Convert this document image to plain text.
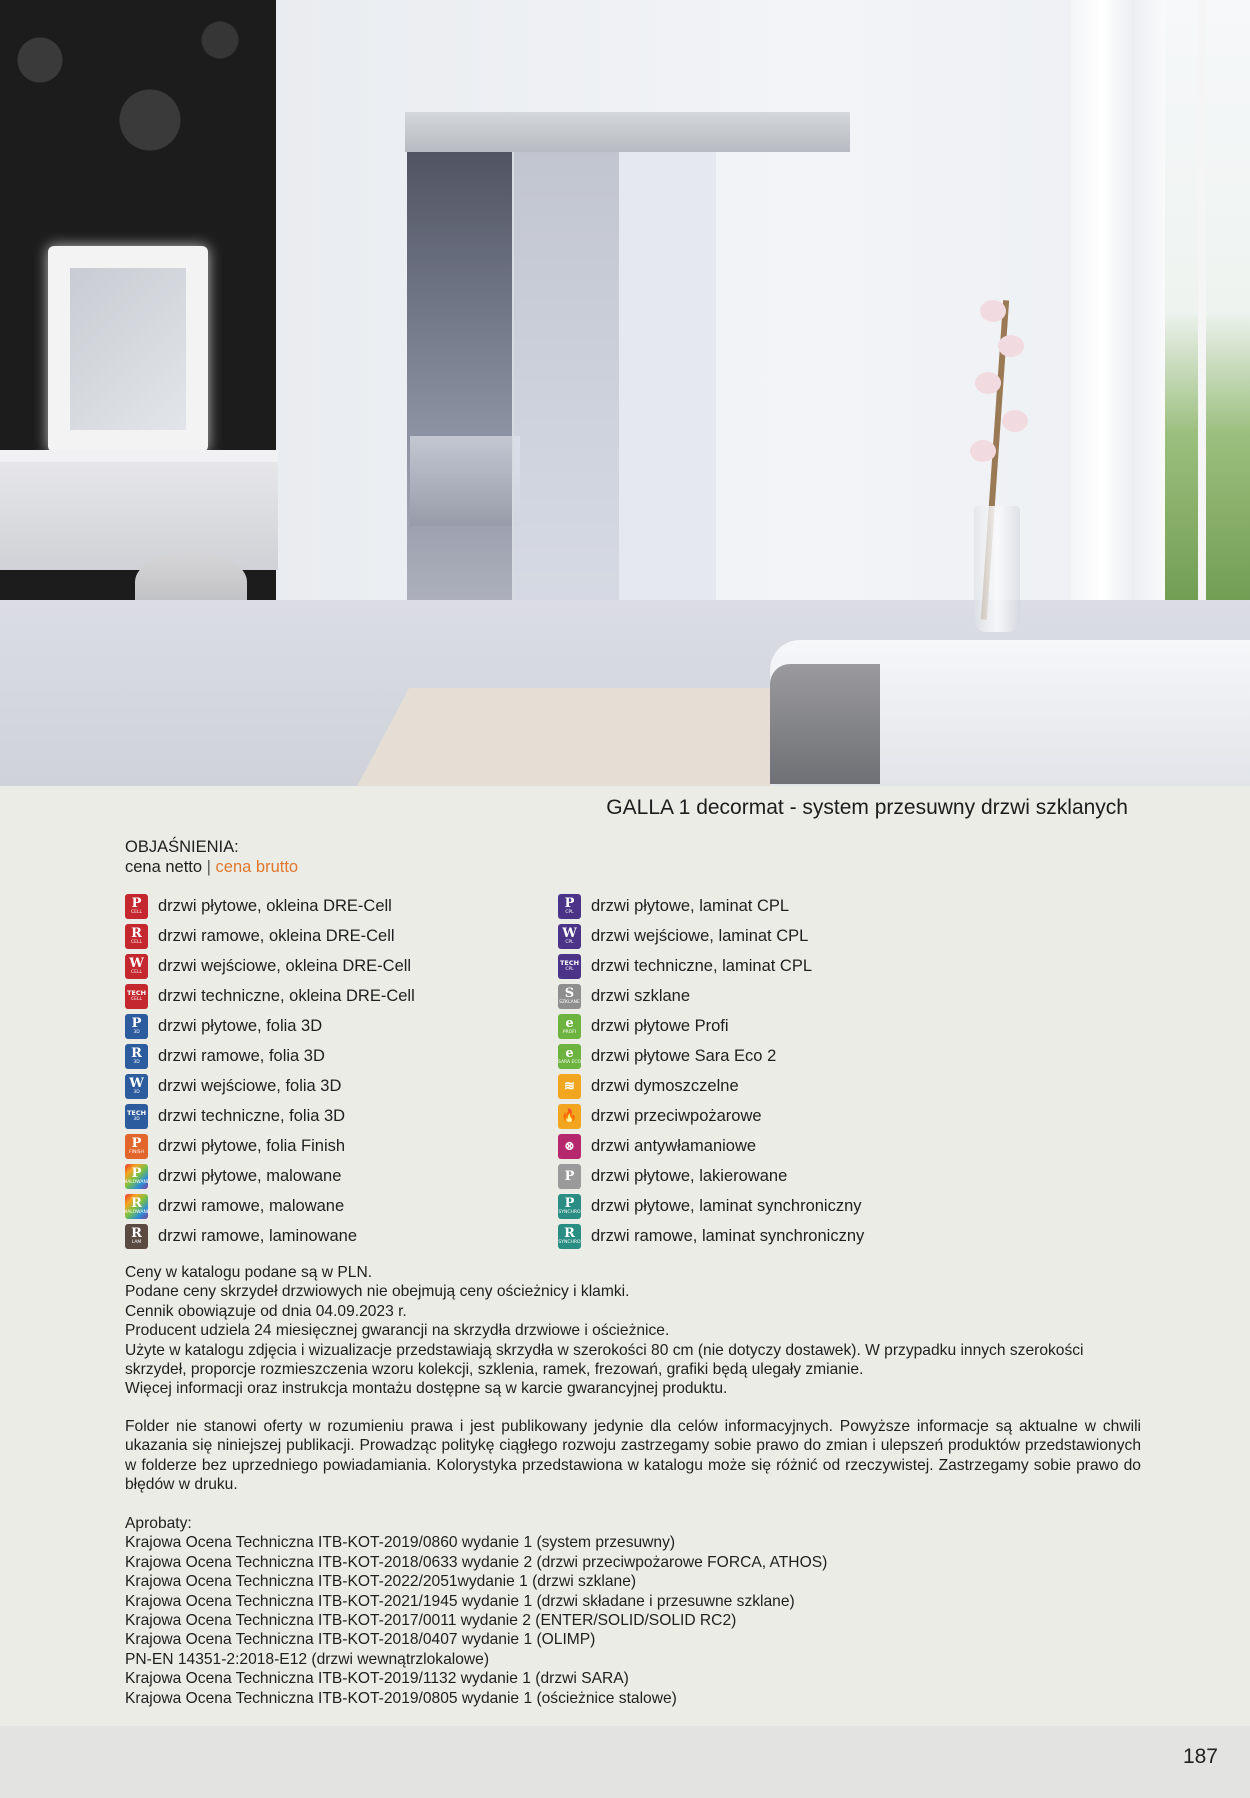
GALLA 1 decormat - system przesuwny drzwi szklanych
OBJAŚNIENIA:
cena netto | cena brutto
P
CELL drzwi płytowe, okleina DRE-Cell
R
CELL drzwi ramowe, okleina DRE-Cell
W
CELL drzwi wejściowe, okleina DRE-Cell
TECH
CELL drzwi techniczne, okleina DRE-Cell
P
3D drzwi płytowe, folia 3D
R
3D drzwi ramowe, folia 3D
W
3D drzwi wejściowe, folia 3D
TECH
3D drzwi techniczne, folia 3D
P
FINISH drzwi płytowe, folia Finish
P
MALOWANE drzwi płytowe, malowane
R
MALOWANE drzwi ramowe, malowane
R
LAM drzwi ramowe, laminowane
P
CPL drzwi płytowe, laminat CPL
W
CPL drzwi wejściowe, laminat CPL
TECH
CPL drzwi techniczne, laminat CPL
S
SZKLANE drzwi szklane
e
PROFI drzwi płytowe Profi
e
SARA ECO drzwi płytowe Sara Eco 2
≋ drzwi dymoszczelne
🔥 drzwi przeciwpożarowe
⊗ drzwi antywłamaniowe
P drzwi płytowe, lakierowane
P
SYNCHRO drzwi płytowe, laminat synchroniczny
R
SYNCHRO drzwi ramowe, laminat synchroniczny

Ceny w katalogu podane są w PLN.

Podane ceny skrzydeł drzwiowych nie obejmują ceny ościeżnicy i klamki.

Cennik obowiązuje od dnia 04.09.2023 r.

Producent udziela 24 miesięcznej gwarancji na skrzydła drzwiowe i ościeżnice.

Użyte w katalogu zdjęcia i wizualizacje przedstawiają skrzydła w szerokości 80 cm (nie dotyczy dostawek). W przypadku innych szerokości skrzydeł, proporcje rozmieszczenia wzoru kolekcji, szklenia, ramek, frezowań, grafiki będą ulegały zmianie.

Więcej informacji oraz instrukcja montażu dostępne są w karcie gwarancyjnej produktu.

Folder nie stanowi oferty w rozumieniu prawa i jest publikowany jedynie dla celów informacyjnych. Powyższe informacje są aktualne w chwili ukazania się niniejszej publikacji. Prowadząc politykę ciągłego rozwoju zastrzegamy sobie prawo do zmian i ulepszeń produktów przedstawionych w folderze bez uprzedniego powiadamiania. Kolorystyka przedstawiona w katalogu może się różnić od rzeczywistej. Zastrzegamy sobie prawo do błędów w druku.

Aprobaty:

Krajowa Ocena Techniczna ITB-KOT-2019/0860 wydanie 1 (system przesuwny)

Krajowa Ocena Techniczna ITB-KOT-2018/0633 wydanie 2 (drzwi przeciwpożarowe FORCA, ATHOS)

Krajowa Ocena Techniczna ITB-KOT-2022/2051wydanie 1 (drzwi szklane)

Krajowa Ocena Techniczna ITB-KOT-2021/1945 wydanie 1 (drzwi składane i przesuwne szklane)

Krajowa Ocena Techniczna ITB-KOT-2017/0011 wydanie 2 (ENTER/SOLID/SOLID RC2)

Krajowa Ocena Techniczna ITB-KOT-2018/0407 wydanie 1 (OLIMP)

PN-EN 14351-2:2018-E12 (drzwi wewnątrzlokalowe)

Krajowa Ocena Techniczna ITB-KOT-2019/1132 wydanie 1 (drzwi SARA)

Krajowa Ocena Techniczna ITB-KOT-2019/0805 wydanie 1 (ościeżnice stalowe)

187
